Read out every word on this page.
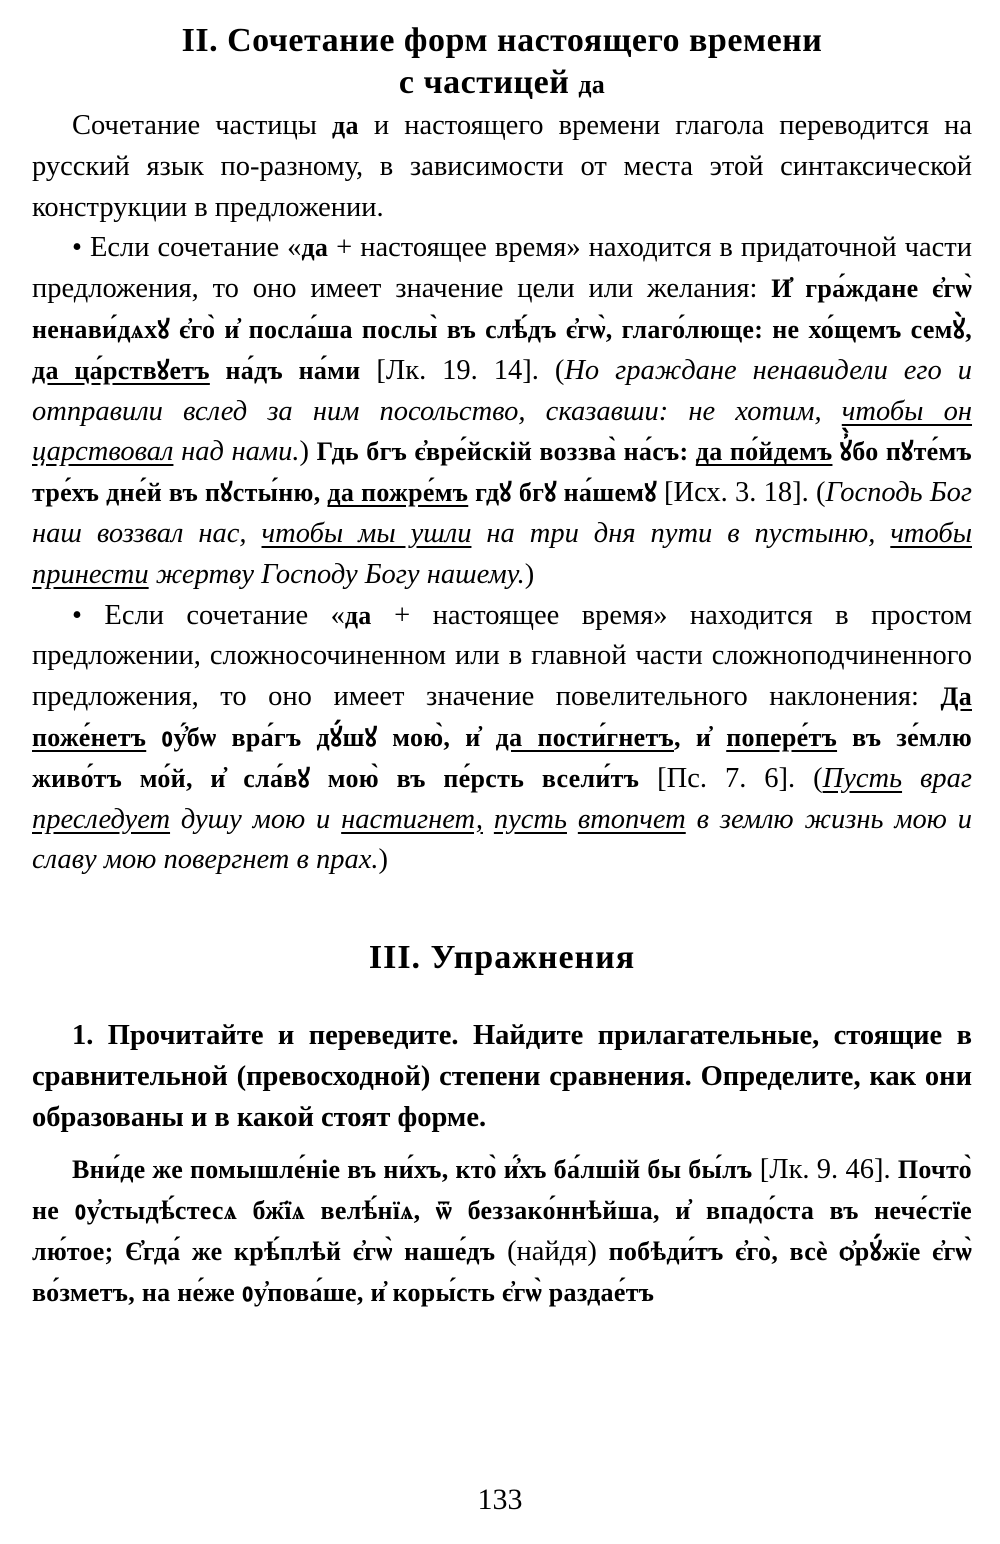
II. Сочетание форм настоящего времени
с частицей да

Сочетание частицы да и настоящего времени глагола переводится на русский язык по-разному, в зависимости от места этой синтаксической конструкции в предложении.

• Если сочетание «да + настоящее время» находится в придаточной части предложения, то оно имеет значение цели или желания: И҆ гра́ждане є҆гѡ̀ ненави́дѧхꙋ є҆го̀ и҆ посла́ша послы̀ въ слѣ́дъ є҆гѡ̀, глаго́люще: не хо́щемъ семꙋ̀, да ца́рствꙋетъ на́дъ на́ми [Лк. 19. 14]. (Но граждане ненавидели его и отправили вслед за ним посольство, сказавши: не хотим, чтобы он царствовал над нами.) Гдь бгъ є҆вре́йскій воззва̀ на́съ: да по́йдемъ ꙋ҆̀бо пꙋте́мъ тре́хъ дне́й въ пꙋсты́ню, да пожре́мъ гдꙋ бгꙋ на́шемꙋ [Исх. 3. 18]. (Господь Бог наш воззвал нас, чтобы мы ушли на три дня пути в пустыню, чтобы принести жертву Господу Богу нашему.)

• Если сочетание «да + настоящее время» находится в простом предложении, сложносочиненном или в главной части сложноподчиненного предложения, то оно имеет значение повелительного наклонения: Да поже́нетъ ᲂу҆́бѡ вра́гъ дꙋ́шꙋ мою̀, и҆ да пости́гнетъ, и҆ попере́тъ въ зе́млю живо́тъ мо́й, и҆ сла́вꙋ мою̀ въ пе́рсть всели́тъ [Пс. 7. 6]. (Пусть враг преследует душу мою и настигнет, пусть втопчет в землю жизнь мою и славу мою повергнет в прах.)

III. Упражнения
1. Прочитайте и переведите. Найдите прилагательные, стоящие в сравнительной (превосходной) степени сравнения. Определите, как они образованы и в какой стоят форме.

Вни́де же помышле́ніе въ ни́хъ, кто̀ и҆́хъ ба́лшій бы бы́лъ [Лк. 9. 46]. Почто̀ не ᲂу҆стыдѣ́стесѧ бж҃їѧ велѣ́нїѧ, ѿ беззако́ннѣйша, и҆ впадо́ста въ нече́стїе лю́тое; Є҆гда́ же крѣ́плѣй є҆гѡ̀ наше́дъ (найдя) побѣди́тъ є҆го̀, всѐ ѻ҆рꙋ́жїе є҆гѡ̀ во́зметъ, на не́же ᲂу҆пова́ше, и҆ коры́сть є҆гѡ̀ раздае́тъ

133
